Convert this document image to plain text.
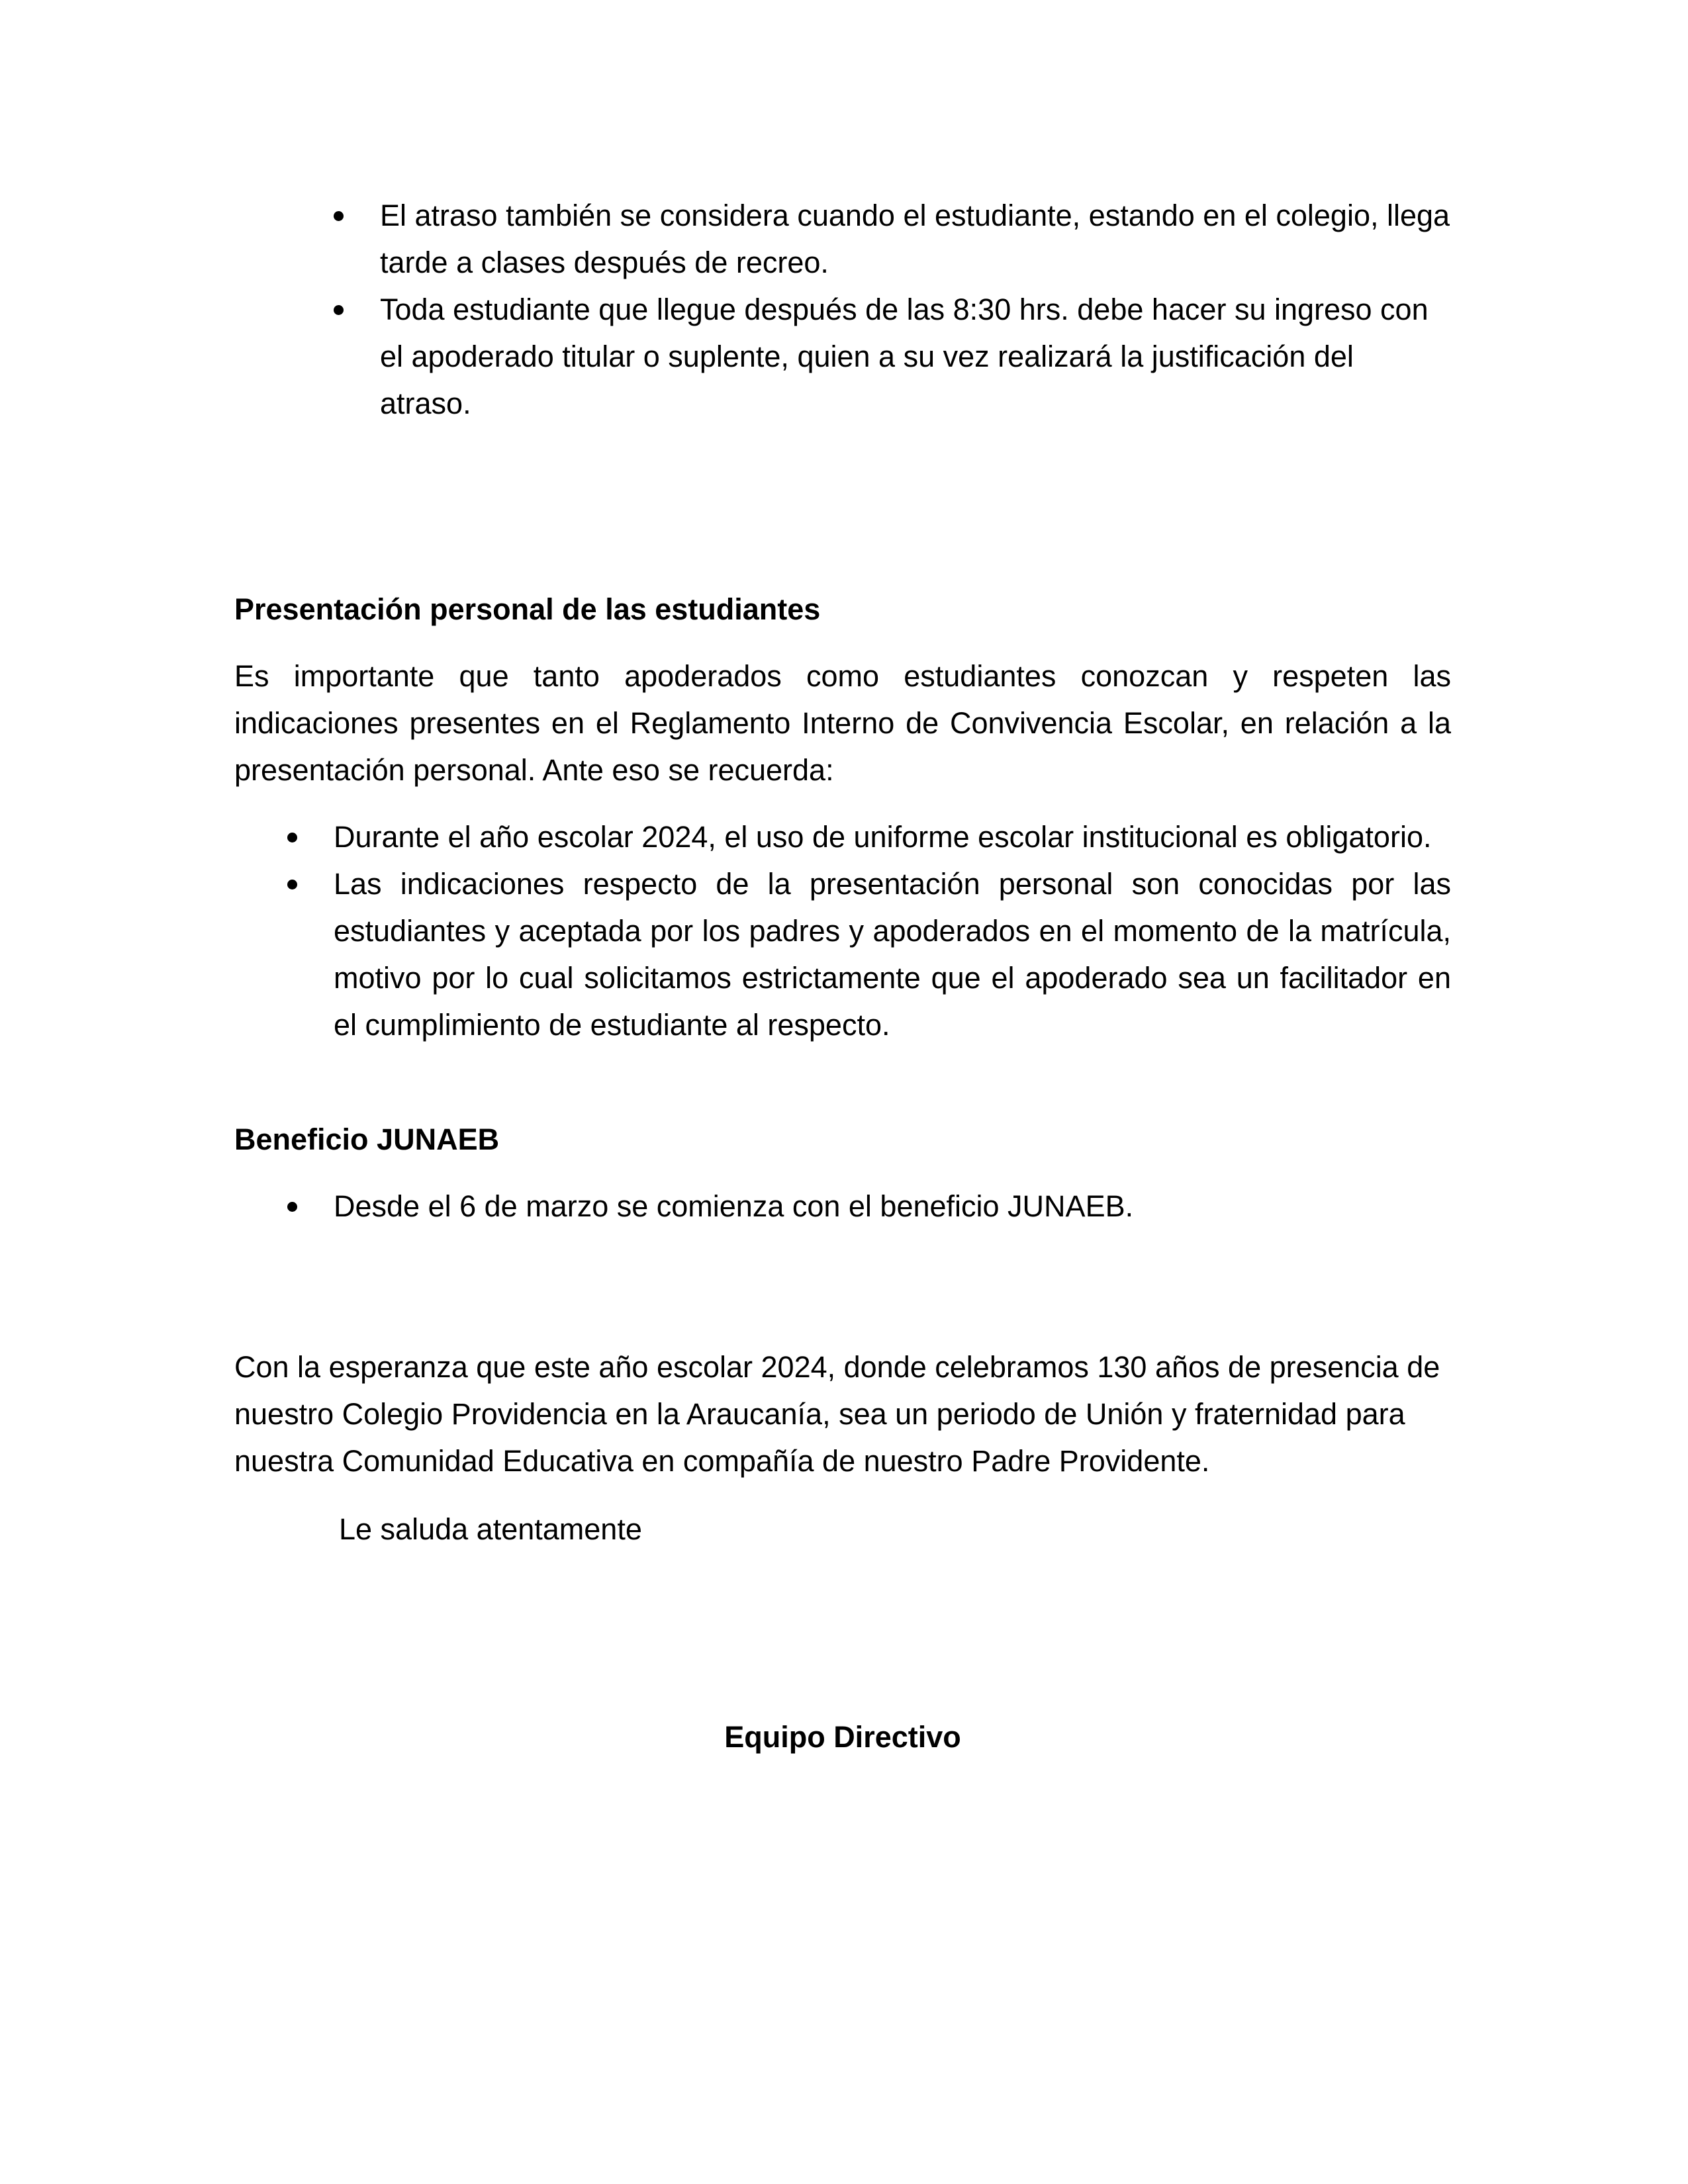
El atraso también se considera cuando el estudiante, estando en el colegio, llega tarde a clases después de recreo.
Toda estudiante que llegue después de las 8:30 hrs. debe hacer su ingreso con el apoderado titular o suplente, quien a su vez realizará la justificación del atraso.
Presentación personal de las estudiantes

Es importante que tanto apoderados como estudiantes conozcan y respeten las indicaciones presentes en el Reglamento Interno de Convivencia Escolar, en relación a la presentación personal. Ante eso se recuerda:

Durante el año escolar 2024, el uso de uniforme escolar institucional es obligatorio.
Las indicaciones respecto de la presentación personal son conocidas por las estudiantes y aceptada por los padres y apoderados en el momento de la matrícula, motivo por lo cual solicitamos estrictamente que el apoderado sea un facilitador en el cumplimiento de estudiante al respecto.
Beneficio JUNAEB
Desde el 6 de marzo se comienza con el beneficio JUNAEB.

Con la esperanza que este año escolar 2024, donde celebramos 130 años de presencia de nuestro Colegio Providencia en la Araucanía, sea un periodo de Unión y fraternidad para nuestra Comunidad Educativa en compañía de nuestro Padre Providente.

Le saluda atentamente

Equipo Directivo
